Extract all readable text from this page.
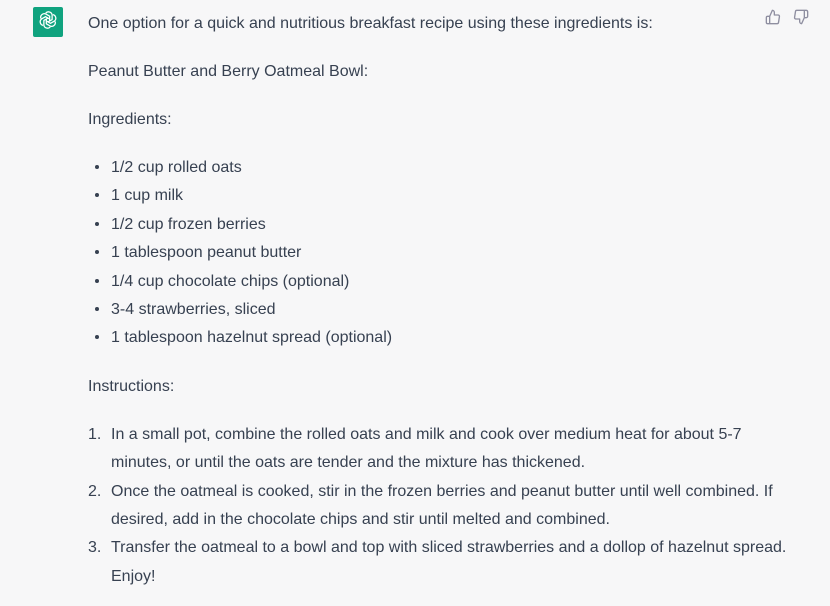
One option for a quick and nutritious breakfast recipe using these ingredients is:

Peanut Butter and Berry Oatmeal Bowl:

Ingredients:

1/2 cup rolled oats
1 cup milk
1/2 cup frozen berries
1 tablespoon peanut butter
1/4 cup chocolate chips (optional)
3-4 strawberries, sliced
1 tablespoon hazelnut spread (optional)

Instructions:

1. In a small pot, combine the rolled oats and milk and cook over medium heat for about 5-7 minutes, or until the oats are tender and the mixture has thickened.
2. Once the oatmeal is cooked, stir in the frozen berries and peanut butter until well combined. If desired, add in the chocolate chips and stir until melted and combined.
3. Transfer the oatmeal to a bowl and top with sliced strawberries and a dollop of hazelnut spread. Enjoy!
